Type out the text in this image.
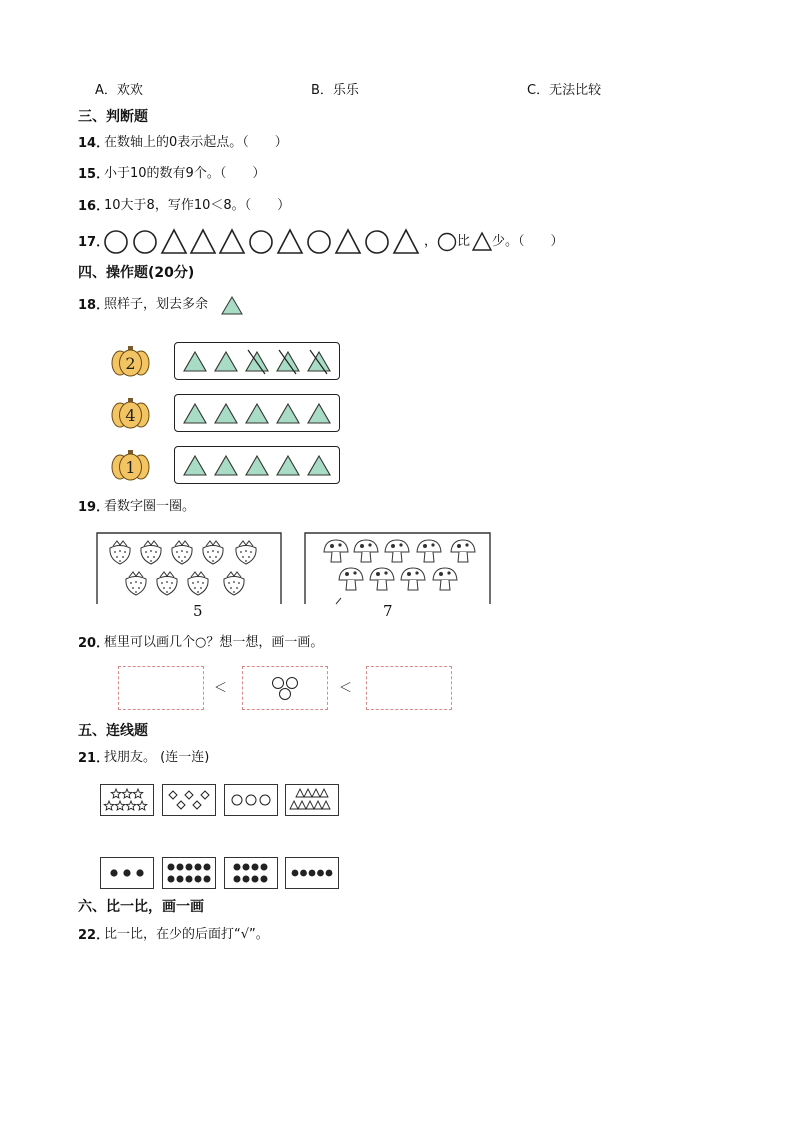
A．欢欢	B．乐乐	C．无法比较
三、判断题
14．
在数轴上的0表示起点。（　　）
15．
小于10的数有9个。（　　）
16．
10大于8，写作10＜8。（　　）
17．	， 比 少。（　　）
四、操作题(20分)
18．
照样子，划去多余
2
4
1
19．
看数字圈一圈。
5	7
20．
框里可以画几个○？想一想，画一画。
＜	＜
五、连线题
21．
找朋友。 (连一连)
六、比一比，画一画
22．
比一比，在少的后面打“√”。
